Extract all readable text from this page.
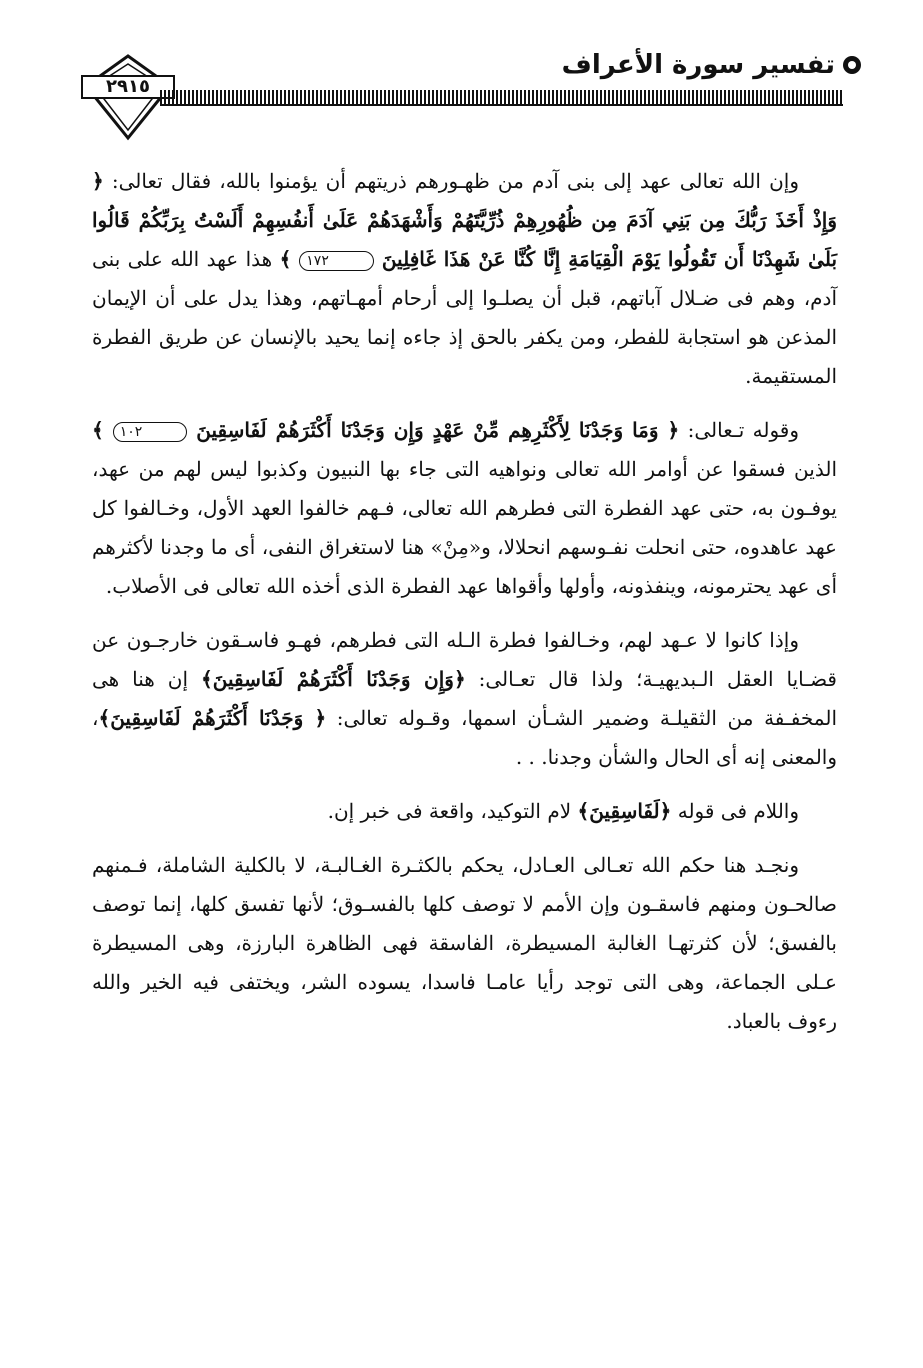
٢٩١٥
تفسير سورة الأعراف

وإن الله تعالى عهد إلى بنى آدم من ظهـورهم ذريتهم أن يؤمنوا بالله، فقال تعالى: ﴿ وَإِذْ أَخَذَ رَبُّكَ مِن بَنِي آدَمَ مِن ظُهُورِهِمْ ذُرِّيَّتَهُمْ وَأَشْهَدَهُمْ عَلَىٰ أَنفُسِهِمْ أَلَسْتُ بِرَبِّكُمْ قَالُوا بَلَىٰ شَهِدْنَا أَن تَقُولُوا يَوْمَ الْقِيَامَةِ إِنَّا كُنَّا عَنْ هَذَا غَافِلِينَ ١٧٢ ﴾ هذا عهد الله على بنى آدم، وهم فى ضـلال آباتهم، قبل أن يصلـوا إلى أرحام أمهـاتهم، وهذا يدل على أن الإيمان المذعن هو استجابة للفطر، ومن يكفر بالحق إذ جاءه إنما يحيد بالإنسان عن طريق الفطرة المستقيمة.

وقوله تـعالى: ﴿ وَمَا وَجَدْنَا لِأَكْثَرِهِم مِّنْ عَهْدٍ وَإِن وَجَدْنَا أَكْثَرَهُمْ لَفَاسِقِينَ ١٠٢ ﴾ الذين فسقوا عن أوامر الله تعالى ونواهيه التى جاء بها النبيون وكذبوا ليس لهم من عهد، يوفـون به، حتى عهد الفطرة التى فطرهم الله تعالى، فـهم خالفوا العهد الأول، وخـالفوا كل عهد عاهدوه، حتى انحلت نفـوسهم انحلالا، و«مِنْ» هنا لاستغراق النفى، أى ما وجدنا لأكثرهم أى عهد يحترمونه، وينفذونه، وأولها وأقواها عهد الفطرة الذى أخذه الله تعالى فى الأصلاب.

وإذا كانوا لا عـهد لهم، وخـالفوا فطرة الـله التى فطرهم، فهـو فاسـقون خارجـون عن قضـايا العقل الـبديهيـة؛ ولذا قال تعـالى: ﴿وَإِن وَجَدْنَا أَكْثَرَهُمْ لَفَاسِقِينَ﴾ إن هنا هى المخفـفة من الثقيلـة وضمير الشـأن اسمها، وقـوله تعالى: ﴿ وَجَدْنَا أَكْثَرَهُمْ لَفَاسِقِينَ﴾، والمعنى إنه أى الحال والشأن وجدنا. . .

واللام فى قوله ﴿لَفَاسِقِينَ﴾ لام التوكيد، واقعة فى خبر إن.

ونجـد هنا حكم الله تعـالى العـادل، يحكم بالكثـرة الغـالبـة، لا بالكلية الشاملة، فـمنهم صالحـون ومنهم فاسقـون وإن الأمم لا توصف كلها بالفسـوق؛ لأنها تفسق كلها، إنما توصف بالفسق؛ لأن كثرتهـا الغالبة المسيطرة، الفاسقة فهى الظاهرة البارزة، وهى المسيطرة عـلى الجماعة، وهى التى توجد رأيا عامـا فاسدا، يسوده الشر، ويختفى فيه الخير والله رءوف بالعباد.
